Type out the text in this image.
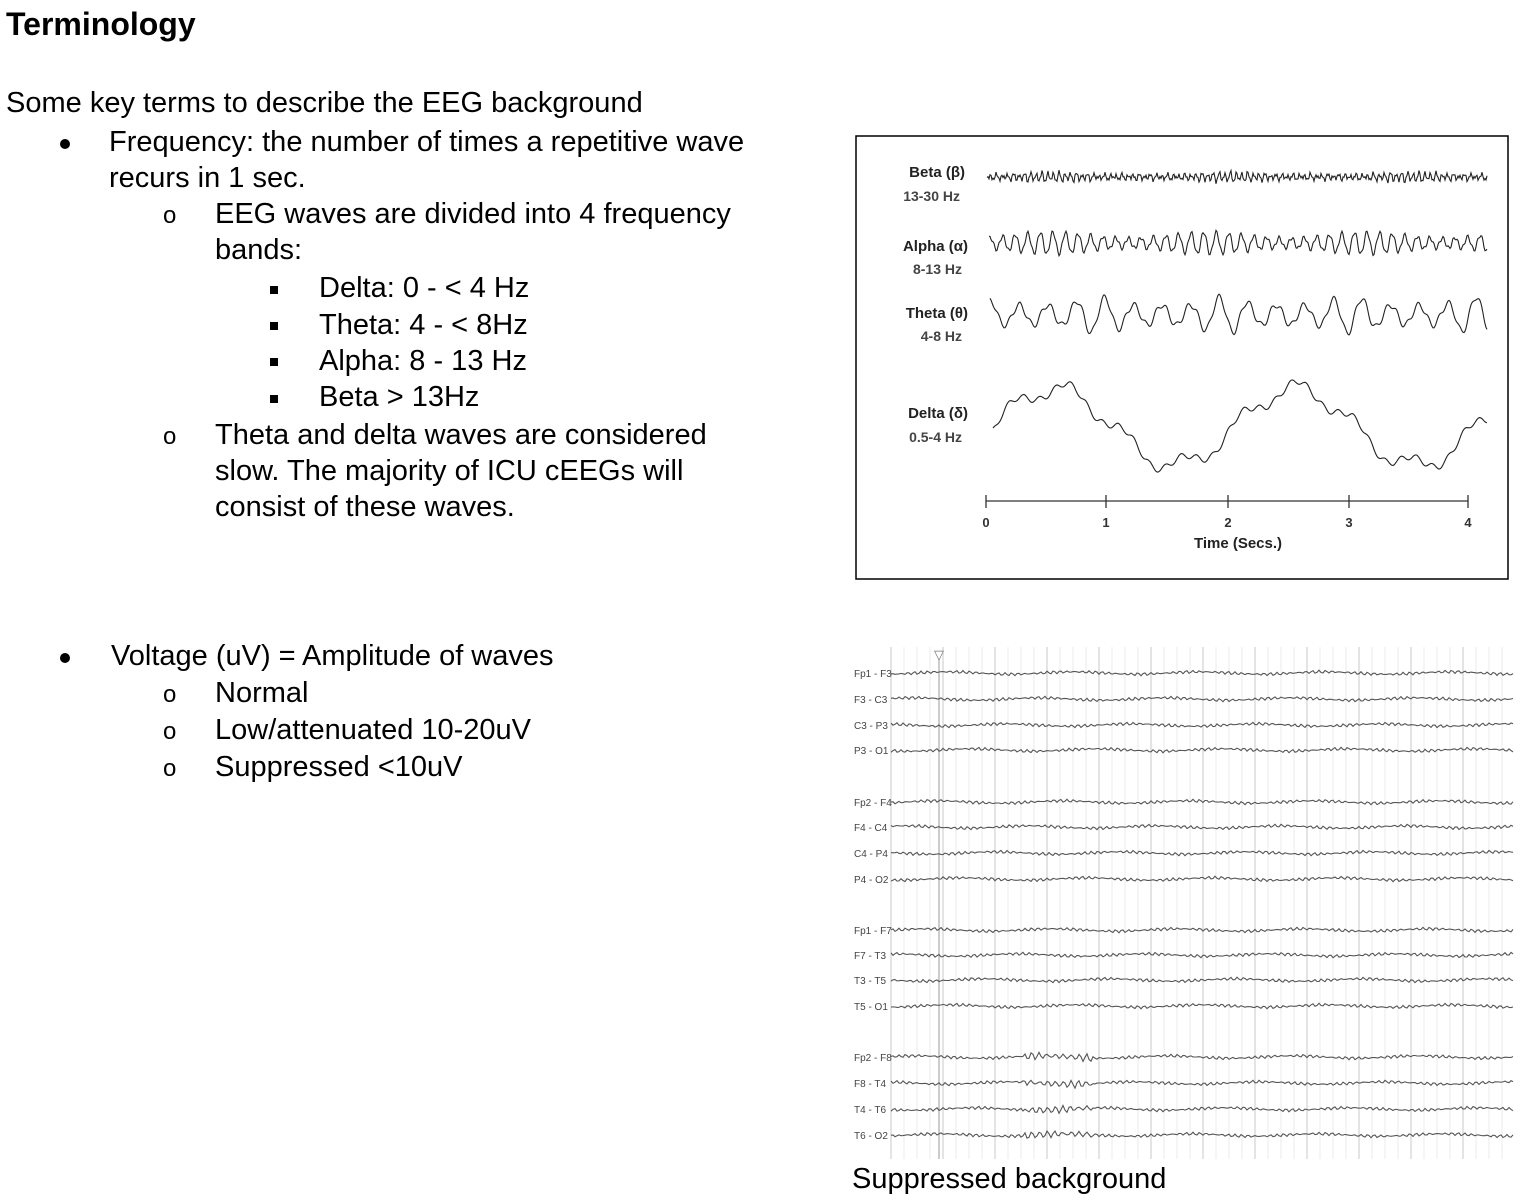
Terminology
Some key terms to describe the EEG background
Frequency: the number of times a repetitive wave
recurs in 1 sec.
o EEG waves are divided into 4 frequency
bands:
Delta: 0 - < 4 Hz
Theta: 4 - < 8Hz
Alpha: 8 - 13 Hz
Beta > 13Hz
o Theta and delta waves are considered
slow. The majority of ICU cEEGs will
consist of these waves.
Voltage (uV) = Amplitude of waves
o Normal
o Low/attenuated 10-20uV
o Suppressed <10uV
Beta (β)
13-30 Hz
Alpha (α)
8-13 Hz
Theta (θ)
4-8 Hz
Delta (δ)
0.5-4 Hz
0	1	2	3	4
Time (Secs.)
▽
Fp1 - F3
F3 - C3
C3 - P3
P3 - O1
Fp2 - F4
F4 - C4
C4 - P4
P4 - O2
Fp1 - F7
F7 - T3
T3 - T5
T5 - O1
Fp2 - F8
F8 - T4
T4 - T6
T6 - O2
Suppressed background
